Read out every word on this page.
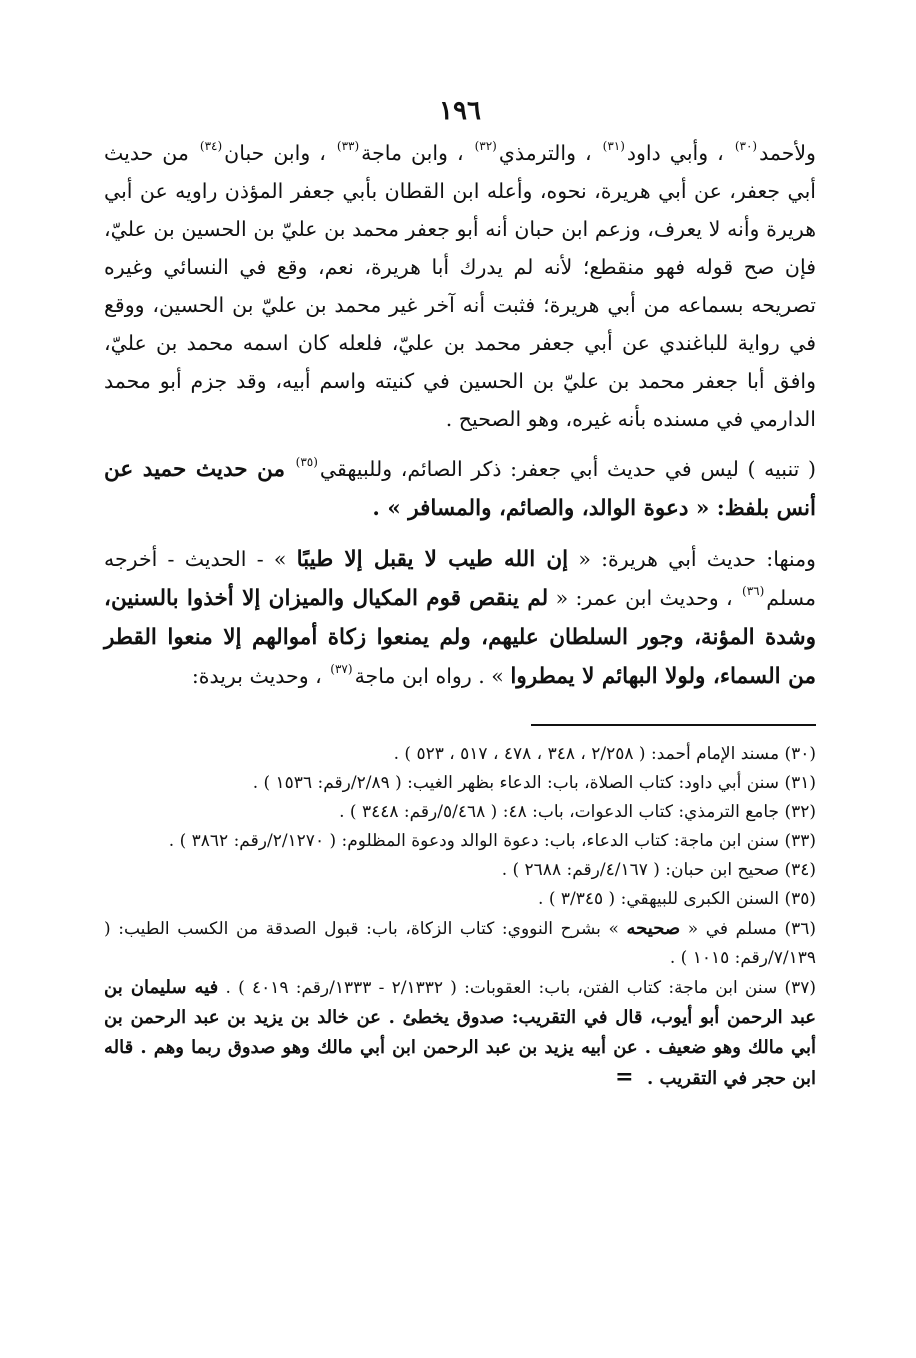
١٩٦

ولأحمد$^{(٣٠)}$ ، وأبي داود$^{(٣١)}$ ، والترمذي$^{(٣٢)}$ ، وابن ماجة$^{(٣٣)}$ ، وابن حبان$^{(٣٤)}$ من حديث أبي جعفر، عن أبي هريرة، نحوه، وأعله ابن القطان بأبي جعفر المؤذن راويه عن أبي هريرة وأنه لا يعرف، وزعم ابن حبان أنه أبو جعفر محمد بن عليّ بن الحسين بن عليّ، فإن صح قوله فهو منقطع؛ لأنه لم يدرك أبا هريرة، نعم، وقع في النسائي وغيره تصريحه بسماعه من أبي هريرة؛ فثبت أنه آخر غير محمد بن عليّ بن الحسين، ووقع في رواية للباغندي عن أبي جعفر محمد بن عليّ، فلعله كان اسمه محمد بن عليّ، وافق أبا جعفر محمد بن عليّ بن الحسين في كنيته واسم أبيه، وقد جزم أبو محمد الدارمي في مسنده بأنه غيره، وهو الصحيح .

( تنبيه ) ليس في حديث أبي جعفر: ذكر الصائم، وللبيهقي$^{(٣٥)}$ من حديث حميد عن أنس بلفظ: « دعوة الوالد، والصائم، والمسافر » .

ومنها: حديث أبي هريرة: « إن الله طيب لا يقبل إلا طيبًا » - الحديث - أخرجه مسلم$^{(٣٦)}$ ، وحديث ابن عمر: « لم ينقص قوم المكيال والميزان إلا أخذوا بالسنين، وشدة المؤنة، وجور السلطان عليهم، ولم يمنعوا زكاة أموالهم إلا منعوا القطر من السماء، ولولا البهائم لا يمطروا » . رواه ابن ماجة$^{(٣٧)}$ ، وحديث بريدة:

(٣٠) مسند الإمام أحمد: ( ٢/٢٥٨ ، ٣٤٨ ، ٤٧٨ ، ٥١٧ ، ٥٢٣ ) .

(٣١) سنن أبي داود: كتاب الصلاة، باب: الدعاء بظهر الغيب: ( ٢/٨٩/رقم: ١٥٣٦ ) .

(٣٢) جامع الترمذي: كتاب الدعوات، باب: ٤٨: ( ٥/٤٦٨/رقم: ٣٤٤٨ ) .

(٣٣) سنن ابن ماجة: كتاب الدعاء، باب: دعوة الوالد ودعوة المظلوم: ( ٢/١٢٧٠/رقم: ٣٨٦٢ ) .

(٣٤) صحيح ابن حبان: ( ٤/١٦٧/رقم: ٢٦٨٨ ) .

(٣٥) السنن الكبرى للبيهقي: ( ٣/٣٤٥ ) .

(٣٦) مسلم في « صحيحه » بشرح النووي: كتاب الزكاة، باب: قبول الصدقة من الكسب الطيب: ( ٧/١٣٩/رقم: ١٠١٥ ) .

(٣٧) سنن ابن ماجة: كتاب الفتن، باب: العقوبات: ( ٢/١٣٣٢ - ١٣٣٣/رقم: ٤٠١٩ ) . فيه سليمان بن عبد الرحمن أبو أيوب، قال في التقريب: صدوق يخطئ . عن خالد بن يزيد بن عبد الرحمن بن أبي مالك وهو ضعيف . عن أبيه يزيد بن عبد الرحمن ابن أبي مالك وهو صدوق ربما وهم . قاله ابن حجر في التقريب . =
